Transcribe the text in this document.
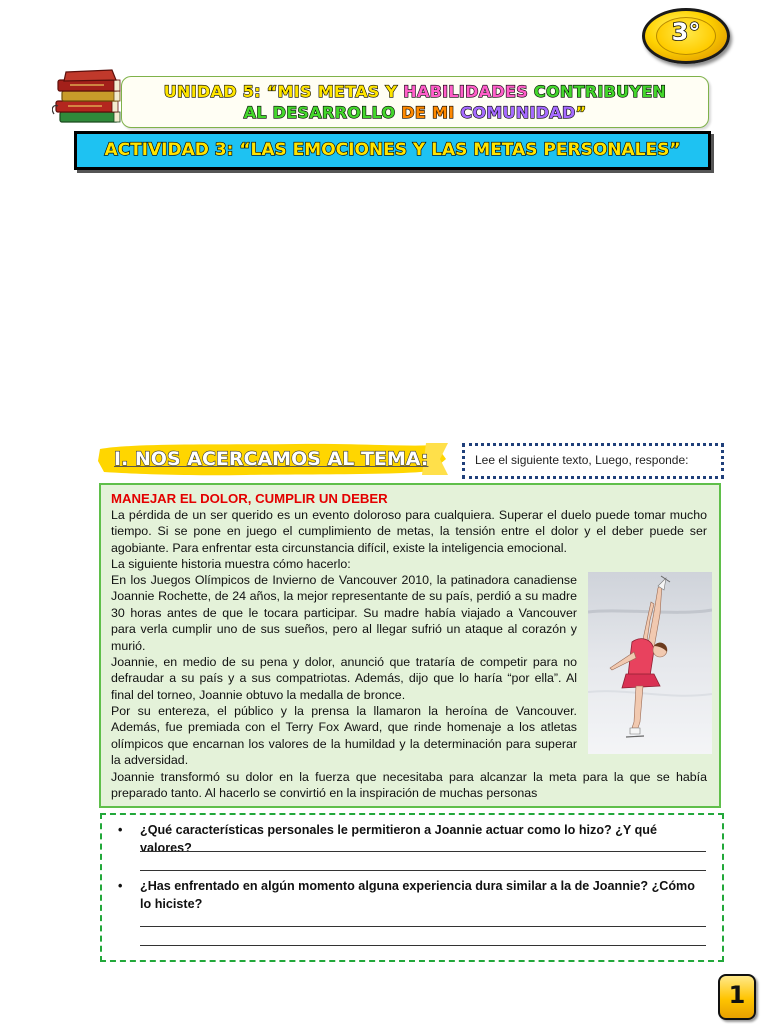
3°
UNIDAD 5: “MIS METAS Y HABILIDADES CONTRIBUYEN
AL DESARROLLO DE MI COMUNIDAD”
ACTIVIDAD 3: “LAS EMOCIONES Y LAS METAS PERSONALES”
I. NOS ACERCAMOS AL TEMA:	Lee el siguiente texto, Luego, responde:
MANEJAR EL DOLOR, CUMPLIR UN DEBER
La pérdida de un ser querido es un evento doloroso para cualquiera. Superar el duelo puede tomar mucho tiempo. Si se pone en juego el cumplimiento de metas, la tensión entre el dolor y el deber puede ser agobiante. Para enfrentar esta circunstancia difícil, existe la inteligencia emocional.
La siguiente historia muestra cómo hacerlo:
En los Juegos Olímpicos de Invierno de Vancouver 2010, la patinadora canadiense Joannie Rochette, de 24 años, la mejor representante de su país, perdió a su madre 30 horas antes de que le tocara participar. Su madre había viajado a Vancouver para verla cumplir uno de sus sueños, pero al llegar sufrió un ataque al corazón y murió.
Joannie, en medio de su pena y dolor, anunció que trataría de competir para no defraudar a su país y a sus compatriotas. Además, dijo que lo haría “por ella”. Al final del torneo, Joannie obtuvo la medalla de bronce.
Por su entereza, el público y la prensa la llamaron la heroína de Vancouver. Además, fue premiada con el Terry Fox Award, que rinde homenaje a los atletas olímpicos que encarnan los valores de la humildad y la determinación para superar la adversidad.
Joannie transformó su dolor en la fuerza que necesitaba para alcanzar la meta para la que se había preparado tanto. Al hacerlo se convirtió en la inspiración de muchas personas
• ¿Qué características personales le permitieron a Joannie actuar como lo hizo? ¿Y qué valores?
• ¿Has enfrentado en algún momento alguna experiencia dura similar a la de Joannie? ¿Cómo lo hiciste?
1
